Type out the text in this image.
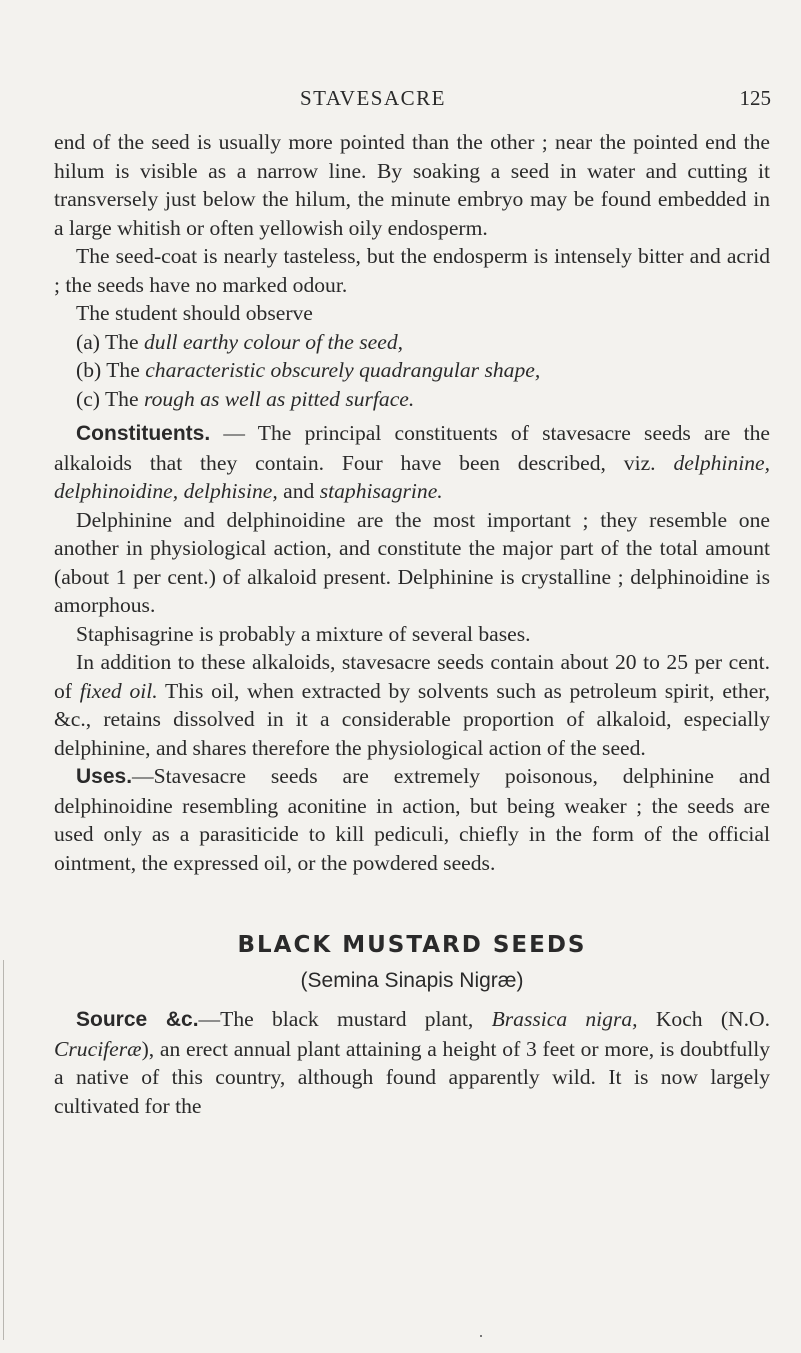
STAVESACRE	125

end of the seed is usually more pointed than the other ; near the pointed end the hilum is visible as a narrow line. By soaking a seed in water and cutting it transversely just below the hilum, the minute embryo may be found embedded in a large whitish or often yellowish oily endosperm.

The seed-coat is nearly tasteless, but the endosperm is intensely bitter and acrid ; the seeds have no marked odour.

The student should observe

(a) The dull earthy colour of the seed,

(b) The characteristic obscurely quadrangular shape,

(c) The rough as well as pitted surface.

Constituents. — The principal constituents of stavesacre seeds are the alkaloids that they contain. Four have been described, viz. delphinine, delphinoidine, delphisine, and staphisagrine.

Delphinine and delphinoidine are the most important ; they resemble one another in physiological action, and constitute the major part of the total amount (about 1 per cent.) of alkaloid present. Delphinine is crystalline ; delphinoidine is amorphous.

Staphisagrine is probably a mixture of several bases.

In addition to these alkaloids, stavesacre seeds contain about 20 to 25 per cent. of fixed oil. This oil, when extracted by solvents such as petroleum spirit, ether, &c., retains dissolved in it a considerable proportion of alkaloid, especially delphinine, and shares therefore the physiological action of the seed.

Uses.—Stavesacre seeds are extremely poisonous, delphinine and delphinoidine resembling aconitine in action, but being weaker ; the seeds are used only as a parasiticide to kill pediculi, chiefly in the form of the official ointment, the expressed oil, or the powdered seeds.

BLACK MUSTARD SEEDS
(Semina Sinapis Nigræ)

Source &c.—The black mustard plant, Brassica nigra, Koch (N.O. Cruciferæ), an erect annual plant attaining a height of 3 feet or more, is doubtfully a native of this country, although found apparently wild. It is now largely cultivated for the
